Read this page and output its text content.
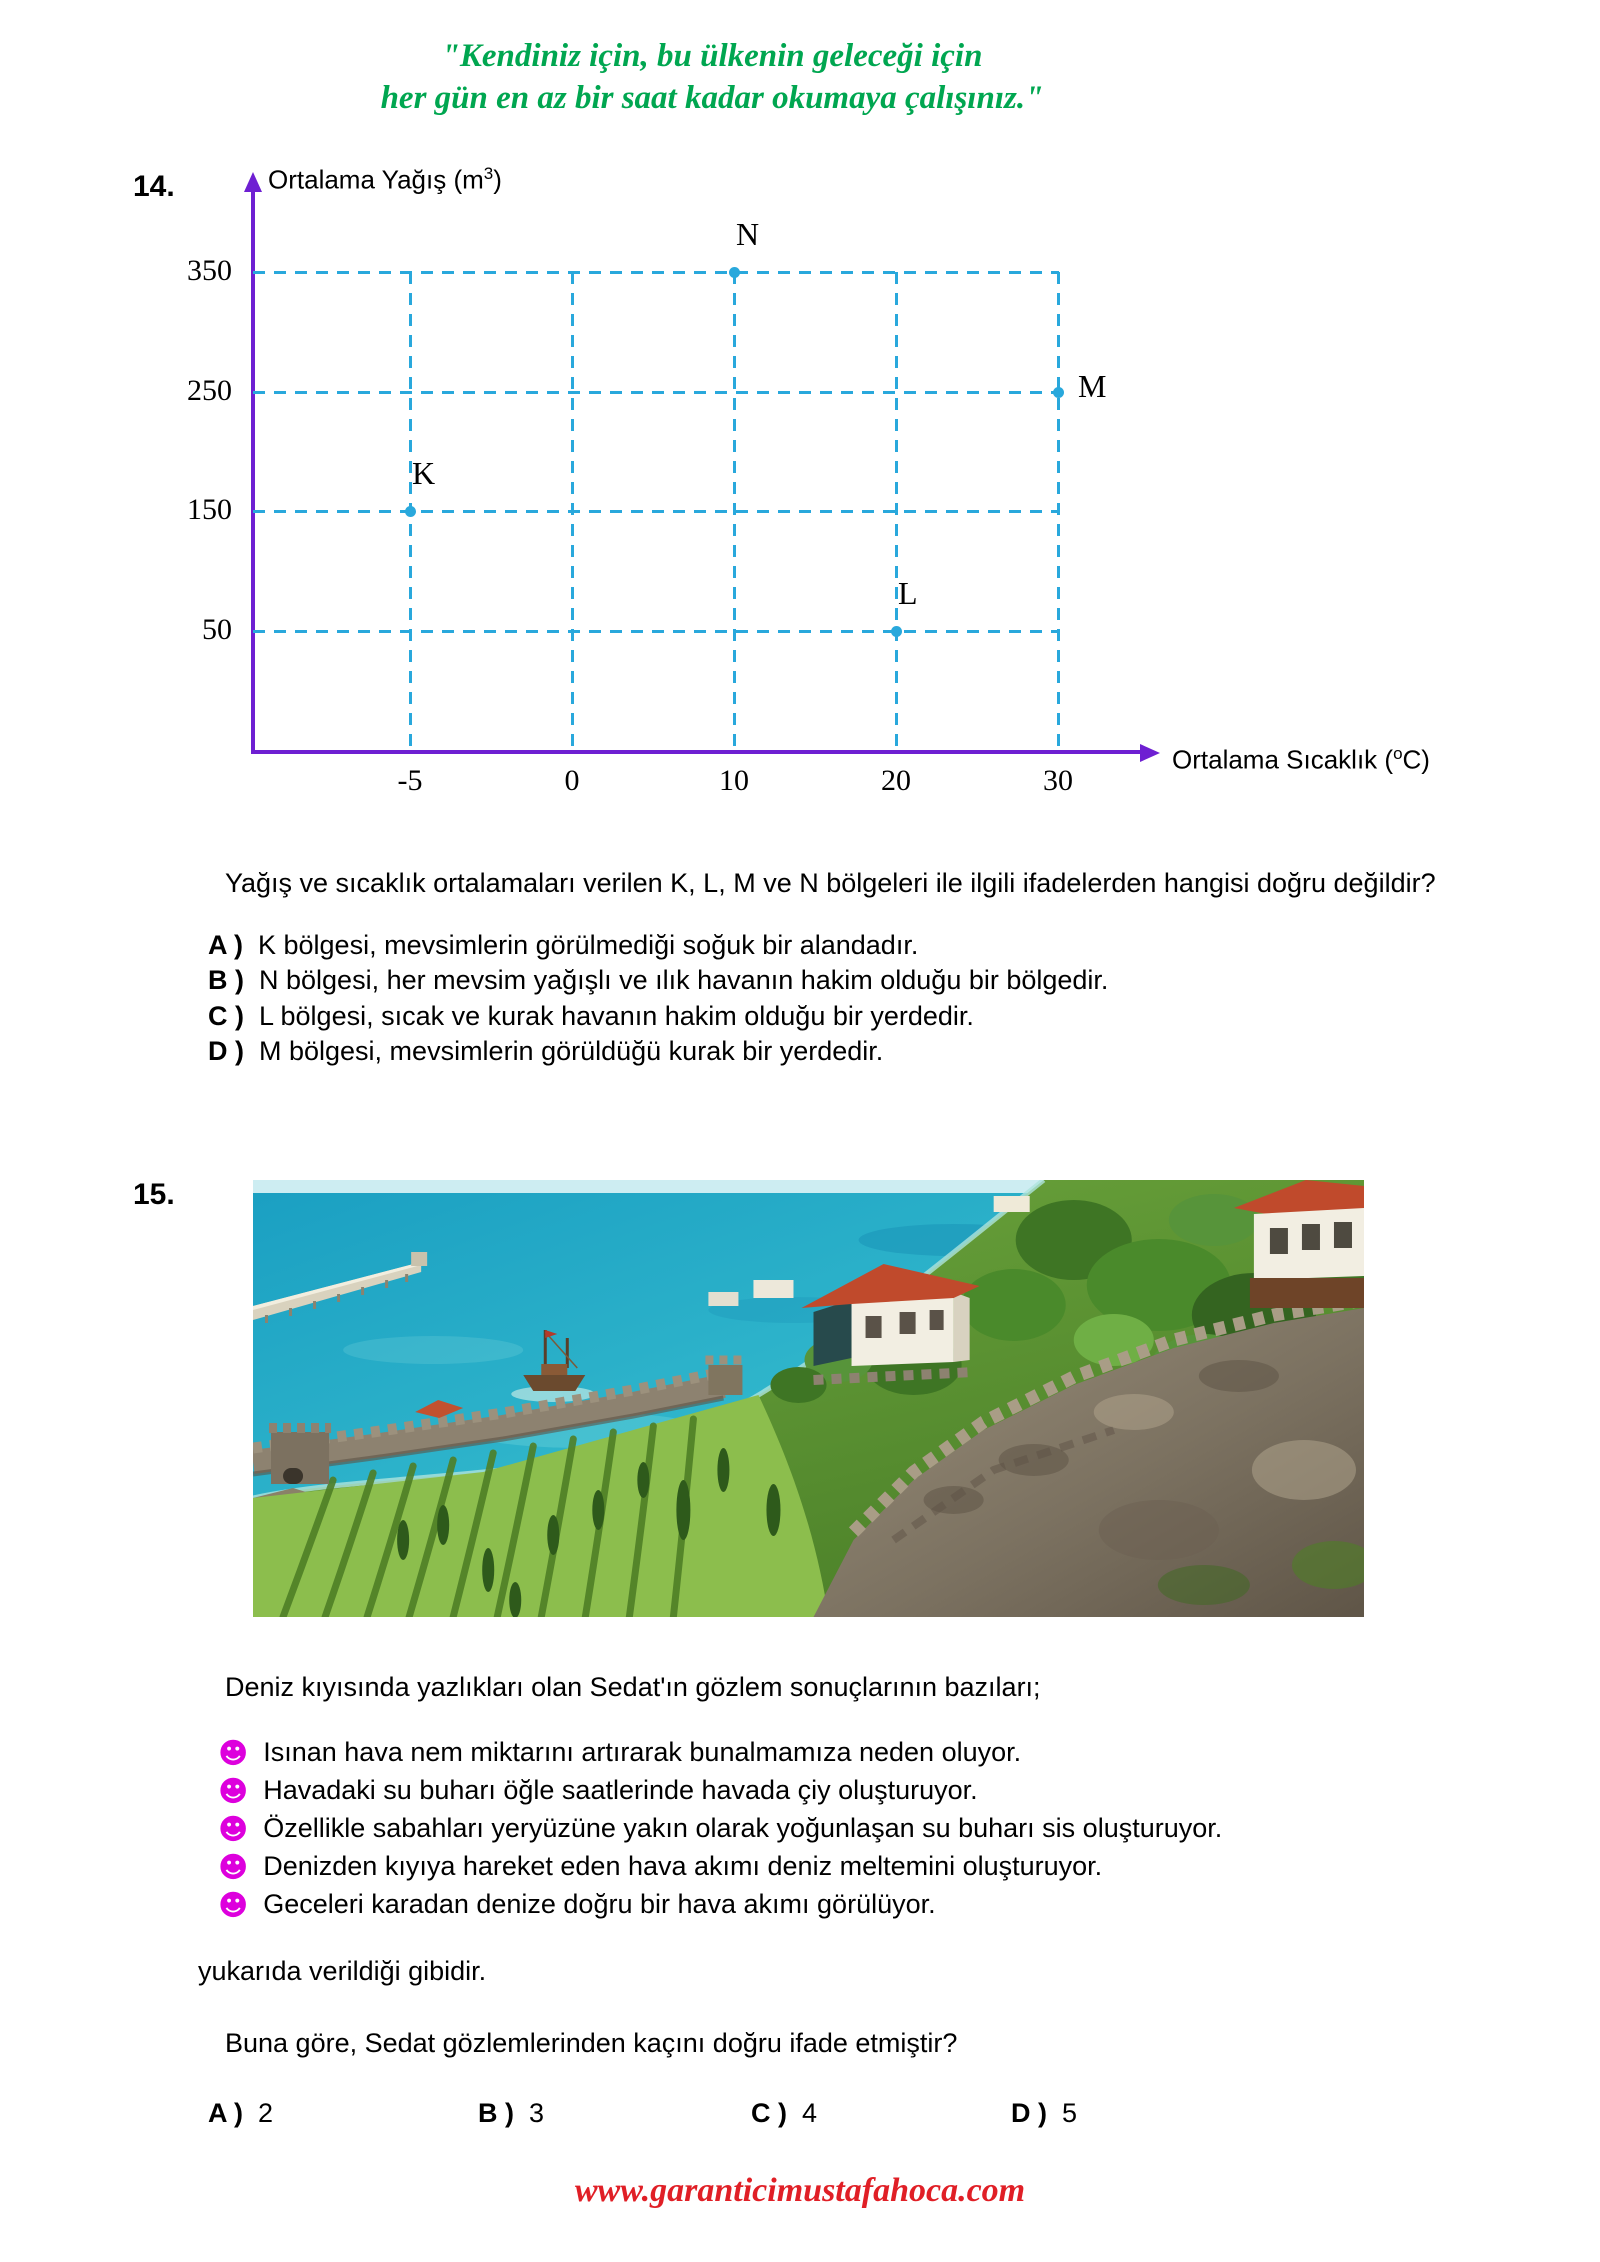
"Kendiniz için, bu ülkenin geleceği için
her gün en az bir saat kadar okumaya çalışınız."
14.	Ortalama Yağış $(m^3)$
Ortalama Sıcaklık ($^o$C)
350
250
150
50
-5	0	10	20	30
K
N
L
M
Yağış ve sıcaklık ortalamaları verilen K, L, M ve N bölgeleri ile ilgili ifadelerden hangisi doğru değildir?
A )  K bölgesi, mevsimlerin görülmediği soğuk bir alandadır.
B )  N bölgesi, her mevsim yağışlı ve ılık havanın hakim olduğu bir bölgedir.
C )  L bölgesi, sıcak ve kurak havanın hakim olduğu bir yerdedir.
D )  M bölgesi, mevsimlerin görüldüğü kurak bir yerdedir.
15.
Deniz kıyısında yazlıkları olan Sedat'ın gözlem sonuçlarının bazıları;
☻  Isınan hava nem miktarını artırarak bunalmamıza neden oluyor.
☻  Havadaki su buharı öğle saatlerinde havada çiy oluşturuyor.
☻  Özellikle sabahları yeryüzüne yakın olarak yoğunlaşan su buharı sis oluşturuyor.
☻  Denizden kıyıya hareket eden hava akımı deniz meltemini oluşturuyor.
☻  Geceleri karadan denize doğru bir hava akımı görülüyor.
yukarıda verildiği gibidir.
Buna göre, Sedat gözlemlerinden kaçını doğru ifade etmiştir?
A )  2	B )  3	C )  4	D )  5
www.garanticimustafahoca.com
